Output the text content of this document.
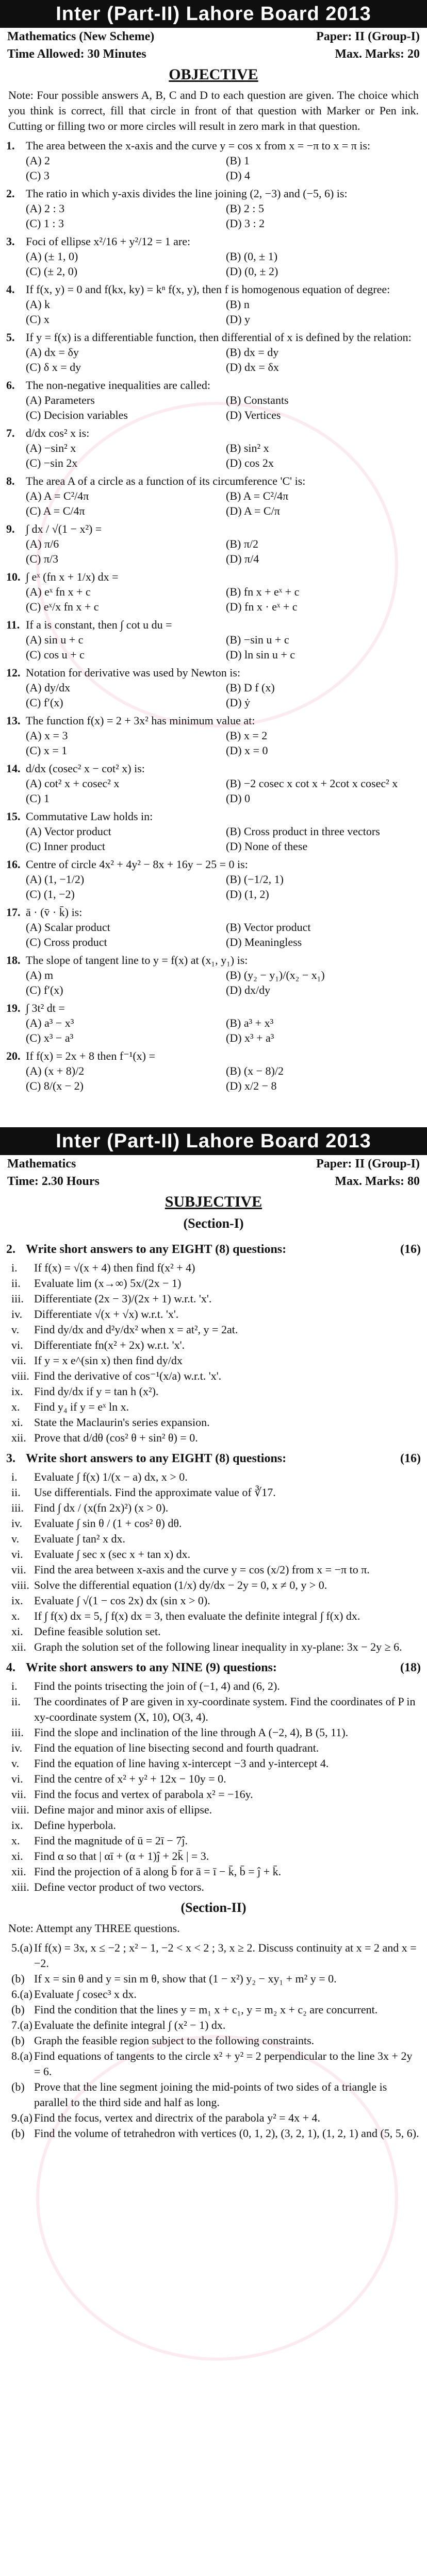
Inter (Part-II) Lahore Board 2013
Mathematics (New Scheme)	Paper: II (Group-I)
Time Allowed: 30 Minutes	Max. Marks: 20
OBJECTIVE
Note: Four possible answers A, B, C and D to each question are given. The choice which you think is correct, fill that circle in front of that question with Marker or Pen ink. Cutting or filling two or more circles will result in zero mark in that question.
1. The area between the x-axis and the curve y = cos x from x = −π to x = π is:
(A) 2	(B) 1
(C) 3	(D) 4
2. The ratio in which y-axis divides the line joining (2, −3) and (−5, 6) is:
(A) 2 : 3	(B) 2 : 5
(C) 1 : 3	(D) 3 : 2
3. Foci of ellipse x²/16 + y²/12 = 1 are:
(A) (± 1, 0)	(B) (0, ± 1)
(C) (± 2, 0)	(D) (0, ± 2)
4. If f(x, y) = 0 and f(kx, ky) = kⁿ f(x, y), then f is homogenous equation of degree:
(A) k	(B) n
(C) x	(D) y
5. If y = f(x) is a differentiable function, then differential of x is defined by the relation:
(A) dx = δy	(B) dx = dy
(C) δ x = dy	(D) dx = δx
6. The non-negative inequalities are called:
(A) Parameters	(B) Constants
(C) Decision variables	(D) Vertices
7. d/dx cos² x is:
(A) −sin² x	(B) sin² x
(C) −sin 2x	(D) cos 2x
8. The area A of a circle as a function of its circumference 'C' is:
(A) A = C²/4π	(B) A = C²/4π
(C) A = C/4π	(D) A = C/π
9. ∫ dx / √(1 − x²) =
(A) π/6	(B) π/2
(C) π/3	(D) π/4
10. ∫ eˣ (fn x + 1/x) dx =
(A) eˣ fn x + c	(B) fn x + eˣ + c
(C) eˣ/x fn x + c	(D) fn x · eˣ + c
11. If a is constant, then ∫ cot u du =
(A) sin u + c	(B) −sin u + c
(C) cos u + c	(D) ln sin u + c
12. Notation for derivative was used by Newton is:
(A) dy/dx	(B) D f (x)
(C) f′(x)	(D) ẏ
13. The function f(x) = 2 + 3x² has minimum value at:
(A) x = 3	(B) x = 2
(C) x = 1	(D) x = 0
14. d/dx (cosec² x − cot² x) is:
(A) cot² x + cosec² x	(B) −2 cosec x cot x + 2cot x cosec² x
(C) 1	(D) 0
15. Commutative Law holds in:
(A) Vector product	(B) Cross product in three vectors
(C) Inner product	(D) None of these
16. Centre of circle 4x² + 4y² − 8x + 16y − 25 = 0 is:
(A) (1, −1/2)	(B) (−1/2, 1)
(C) (1, −2)	(D) (1, 2)
17. ā · (v̄ · k̄) is:
(A) Scalar product	(B) Vector product
(C) Cross product	(D) Meaningless
18. The slope of tangent line to y = f(x) at (x₁, y₁) is:
(A) m	(B) (y₂ − y₁)/(x₂ − x₁)
(C) f′(x)	(D) dx/dy
19. ∫ 3t² dt =
(A) a³ − x³	(B) a³ + x³
(C) x³ − a³	(D) x³ + a³
20. If f(x) = 2x + 8 then f⁻¹(x) =
(A) (x + 8)/2	(B) (x − 8)/2
(C) 8/(x − 2)	(D) x/2 − 8
Inter (Part-II) Lahore Board 2013
Mathematics	Paper: II (Group-I)
Time: 2.30 Hours	Max. Marks: 80
SUBJECTIVE
(Section-I)
2. Write short answers to any EIGHT (8) questions:	(16)
i.	If f(x) = √(x + 4) then find f(x² + 4)
ii.	Evaluate lim (x→∞) 5x/(2x − 1)
iii. Differentiate (2x − 3)/(2x + 1) w.r.t. 'x'.
iv.	Differentiate √(x + √x) w.r.t. 'x'.
v.	Find dy/dx and d²y/dx² when x = at², y = 2at.
vi. Differentiate fn(x² + 2x) w.r.t. 'x'.
vii. If y = x e^(sin x) then find dy/dx
viii. Find the derivative of cos⁻¹(x/a) w.r.t. 'x'.
ix. Find dy/dx if y = tan h (x²).
x.	Find y₄ if y = eˣ ln x.
xi. State the Maclaurin's series expansion.
xii. Prove that d/dθ (cos² θ + sin² θ) = 0.
3. Write short answers to any EIGHT (8) questions:	(16)
i.	Evaluate ∫ f(x) 1/(x − a) dx, x > 0.
ii.	Use differentials. Find the approximate value of ∛17.
iii. Find ∫ dx / (x(fn 2x)²) (x > 0).
iv.	Evaluate ∫ sin θ / (1 + cos² θ) dθ.
v.	Evaluate ∫ tan² x dx.
vi. Evaluate ∫ sec x (sec x + tan x) dx.
vii. Find the area between x-axis and the curve y = cos (x/2) from x = −π to π.
viii. Solve the differential equation (1/x) dy/dx − 2y = 0, x ≠ 0, y > 0.
ix. Evaluate ∫ √(1 − cos 2x) dx (sin x > 0).
x.	If ∫ f(x) dx = 5, ∫ f(x) dx = 3, then evaluate the definite integral ∫ f(x) dx.
xi. Define feasible solution set.
xii. Graph the solution set of the following linear inequality in xy-plane: 3x − 2y ≥ 6.
4. Write short answers to any NINE (9) questions:	(18)
i.	Find the points trisecting the join of (−1, 4) and (6, 2).
ii.	The coordinates of P are given in xy-coordinate system. Find the coordinates of P in xy-coordinate system (X, 10), O(3, 4).
iii. Find the slope and inclination of the line through A (−2, 4), B (5, 11).
iv.	Find the equation of line bisecting second and fourth quadrant.
v.	Find the equation of line having x-intercept −3 and y-intercept 4.
vi. Find the centre of x² + y² + 12x − 10y = 0.
vii. Find the focus and vertex of parabola x² = −16y.
viii. Define major and minor axis of ellipse.
ix. Define hyperbola.
x.	Find the magnitude of ū = 2ī − 7ĵ.
xi. Find α so that | αī + (α + 1)ĵ + 2k̄ | = 3.
xii. Find the projection of ā along b̄ for ā = ī − k̄, b̄ = ĵ + k̄.
xiii. Define vector product of two vectors.
(Section-II)
Note: Attempt any THREE questions.
5.(a) If f(x) = 3x, x ≤ −2 ; x² − 1, −2 < x < 2 ; 3, x ≥ 2. Discuss continuity at x = 2 and x = −2.
(b) If x = sin θ and y = sin m θ, show that (1 − x²) y₂ − xy₁ + m² y = 0.
6.(a) Evaluate ∫ cosec³ x dx.
(b) Find the condition that the lines y = m₁ x + c₁, y = m₂ x + c₂ are concurrent.
7.(a) Evaluate the definite integral ∫ (x² − 1) dx.
(b) Graph the feasible region subject to the following constraints.
8.(a) Find equations of tangents to the circle x² + y² = 2 perpendicular to the line 3x + 2y = 6.
(b) Prove that the line segment joining the mid-points of two sides of a triangle is parallel to the third side and half as long.
9.(a) Find the focus, vertex and directrix of the parabola y² = 4x + 4.
(b) Find the volume of tetrahedron with vertices (0, 1, 2), (3, 2, 1), (1, 2, 1) and (5, 5, 6).
